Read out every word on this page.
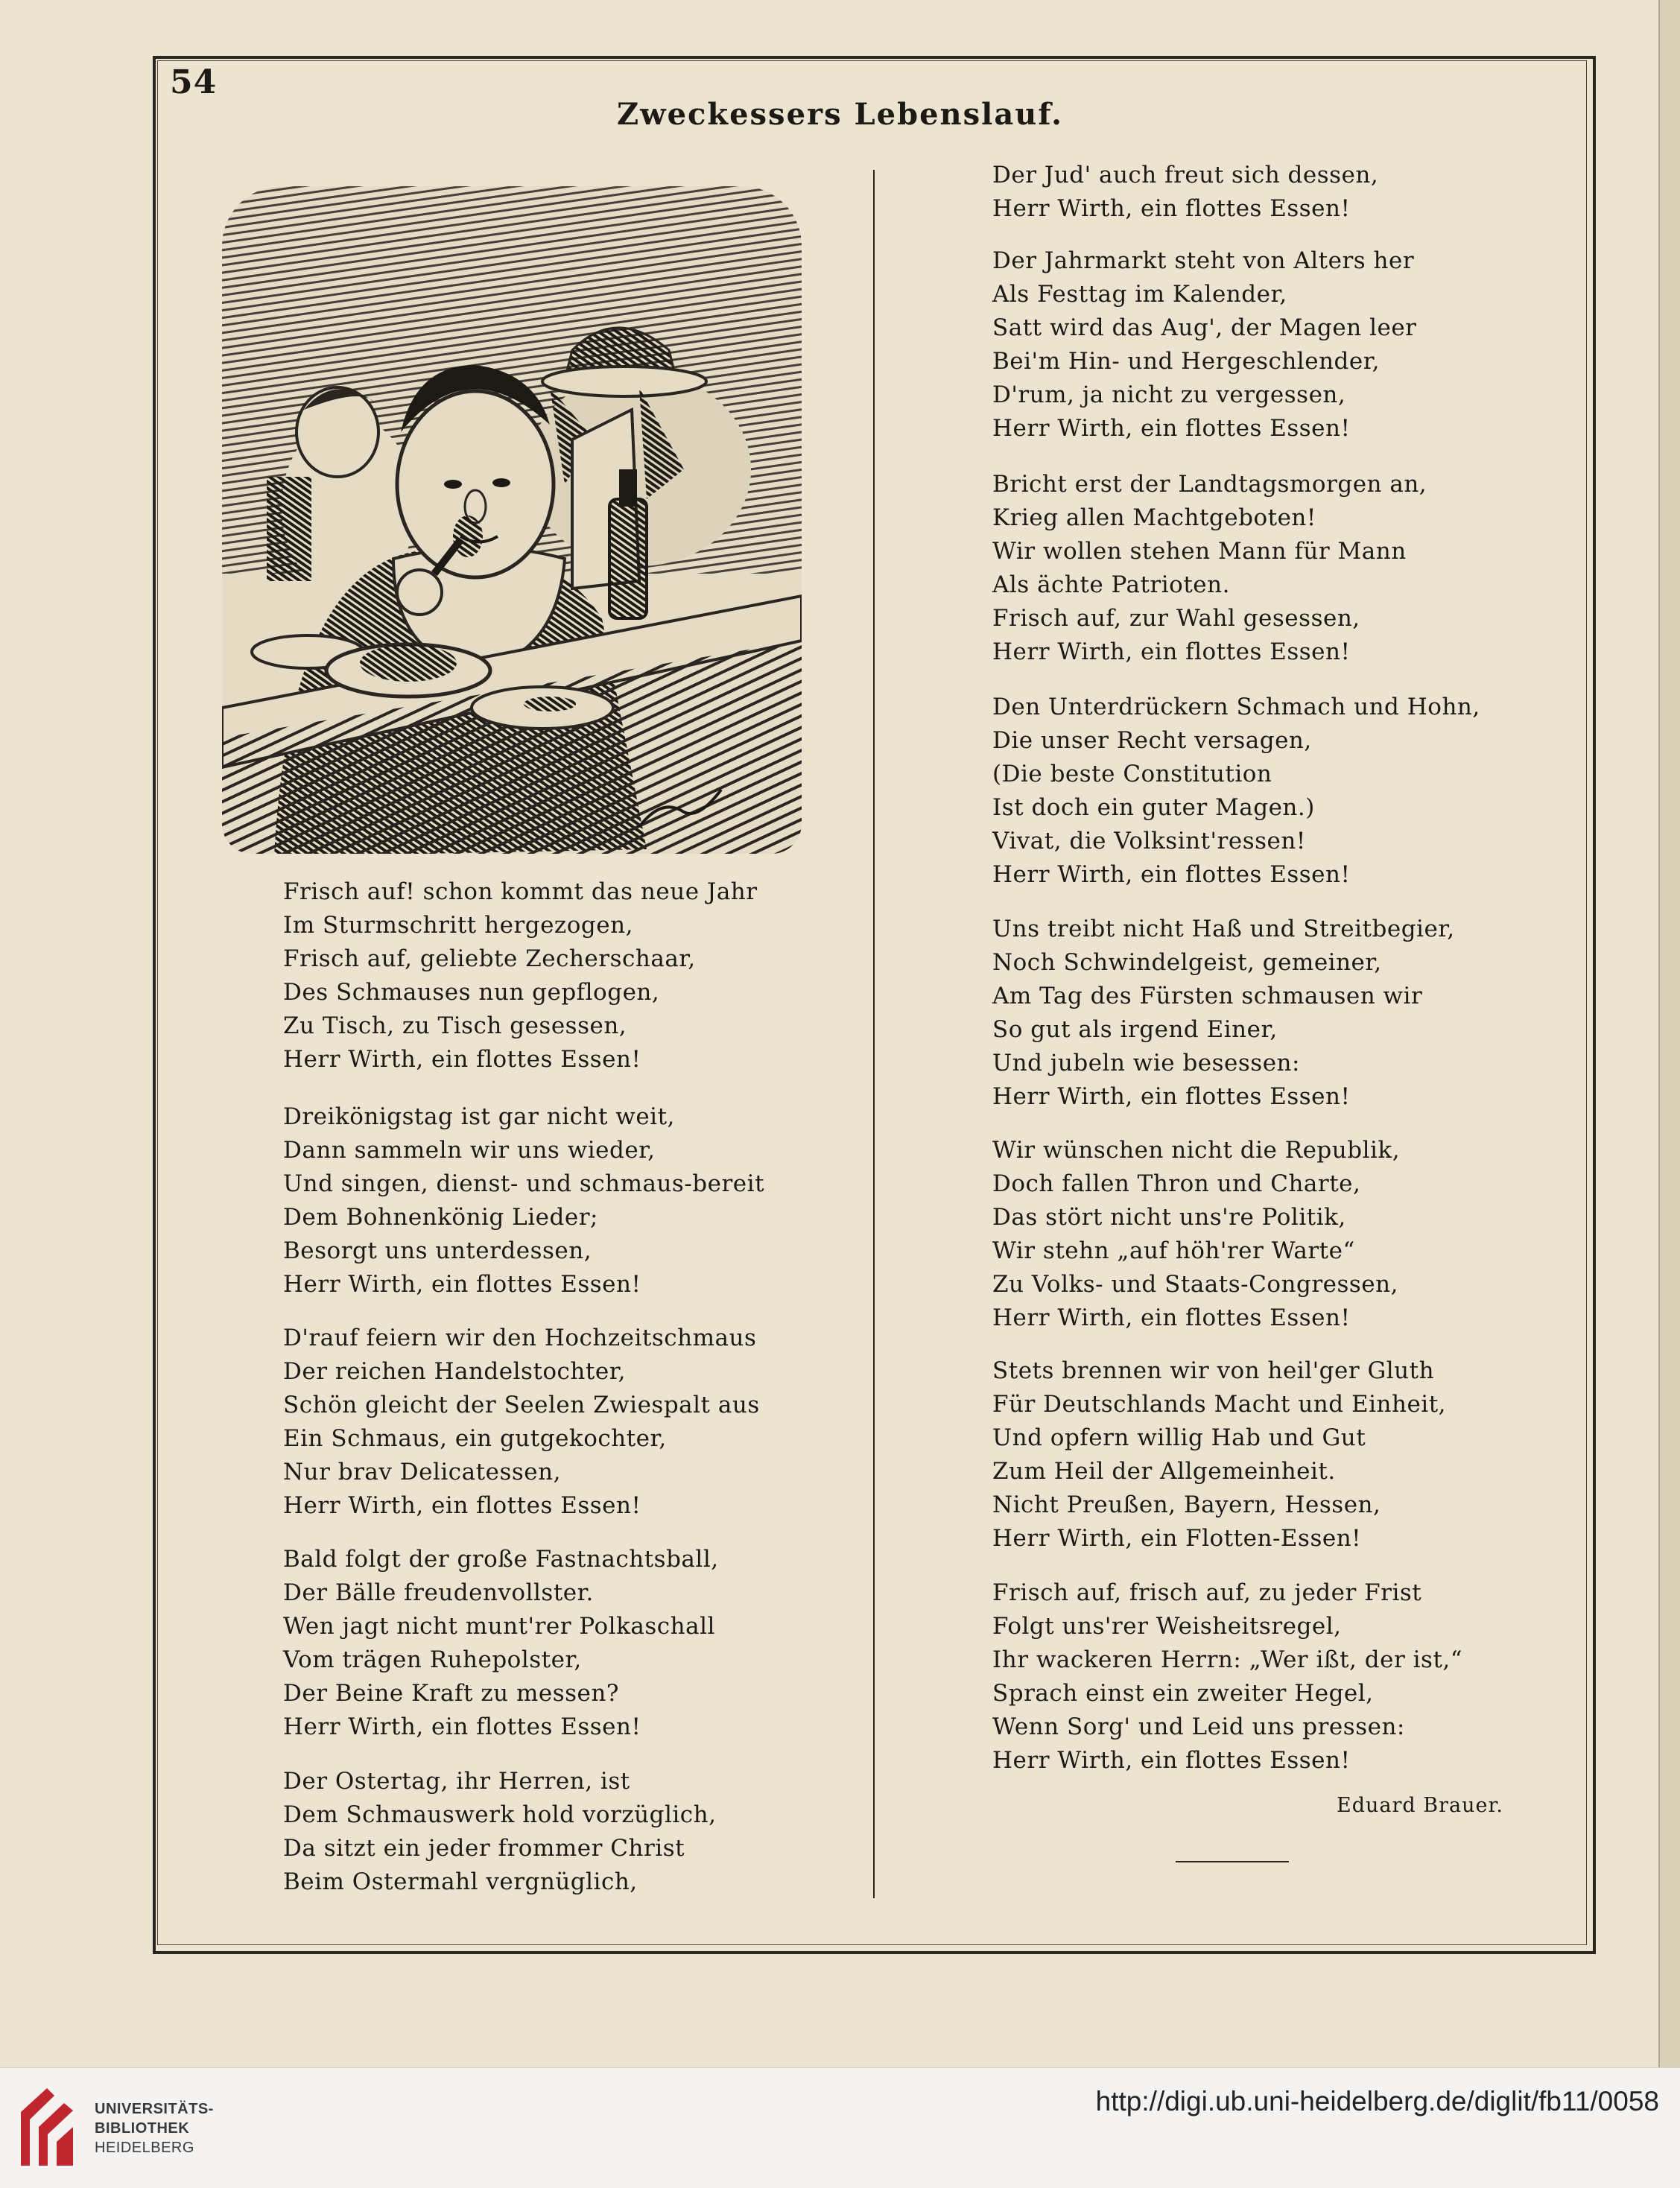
54
Zweckessers Lebenslauf.
Frisch auf! schon kommt das neue Jahr
Im Sturmschritt hergezogen,
Frisch auf, geliebte Zecherschaar,
Des Schmauses nun gepflogen,
Zu Tisch, zu Tisch gesessen,
Herr Wirth, ein flottes Essen!
Dreikönigstag ist gar nicht weit,
Dann sammeln wir uns wieder,
Und singen, dienst- und schmaus-bereit
Dem Bohnenkönig Lieder;
Besorgt uns unterdessen,
Herr Wirth, ein flottes Essen!
D'rauf feiern wir den Hochzeitschmaus
Der reichen Handelstochter,
Schön gleicht der Seelen Zwiespalt aus
Ein Schmaus, ein gutgekochter,
Nur brav Delicatessen,
Herr Wirth, ein flottes Essen!
Bald folgt der große Fastnachtsball,
Der Bälle freudenvollster.
Wen jagt nicht munt'rer Polkaschall
Vom trägen Ruhepolster,
Der Beine Kraft zu messen?
Herr Wirth, ein flottes Essen!
Der Ostertag, ihr Herren, ist
Dem Schmauswerk hold vorzüglich,
Da sitzt ein jeder frommer Christ
Beim Ostermahl vergnüglich,
Der Jud' auch freut sich dessen,
Herr Wirth, ein flottes Essen!
Der Jahrmarkt steht von Alters her
Als Festtag im Kalender,
Satt wird das Aug', der Magen leer
Bei'm Hin- und Hergeschlender,
D'rum, ja nicht zu vergessen,
Herr Wirth, ein flottes Essen!
Bricht erst der Landtagsmorgen an,
Krieg allen Machtgeboten!
Wir wollen stehen Mann für Mann
Als ächte Patrioten.
Frisch auf, zur Wahl gesessen,
Herr Wirth, ein flottes Essen!
Den Unterdrückern Schmach und Hohn,
Die unser Recht versagen,
(Die beste Constitution
Ist doch ein guter Magen.)
Vivat, die Volksint'ressen!
Herr Wirth, ein flottes Essen!
Uns treibt nicht Haß und Streitbegier,
Noch Schwindelgeist, gemeiner,
Am Tag des Fürsten schmausen wir
So gut als irgend Einer,
Und jubeln wie besessen:
Herr Wirth, ein flottes Essen!
Wir wünschen nicht die Republik,
Doch fallen Thron und Charte,
Das stört nicht uns're Politik,
Wir stehn „auf höh'rer Warte“
Zu Volks- und Staats-Congressen,
Herr Wirth, ein flottes Essen!
Stets brennen wir von heil'ger Gluth
Für Deutschlands Macht und Einheit,
Und opfern willig Hab und Gut
Zum Heil der Allgemeinheit.
Nicht Preußen, Bayern, Hessen,
Herr Wirth, ein Flotten-Essen!
Frisch auf, frisch auf, zu jeder Frist
Folgt uns'rer Weisheitsregel,
Ihr wackeren Herrn: „Wer ißt, der ist,“
Sprach einst ein zweiter Hegel,
Wenn Sorg' und Leid uns pressen:
Herr Wirth, ein flottes Essen!
Eduard Brauer.
UNIVERSITÄTS-
BIBLIOTHEK
HEIDELBERG
http://digi.ub.uni-heidelberg.de/diglit/fb11/0058
